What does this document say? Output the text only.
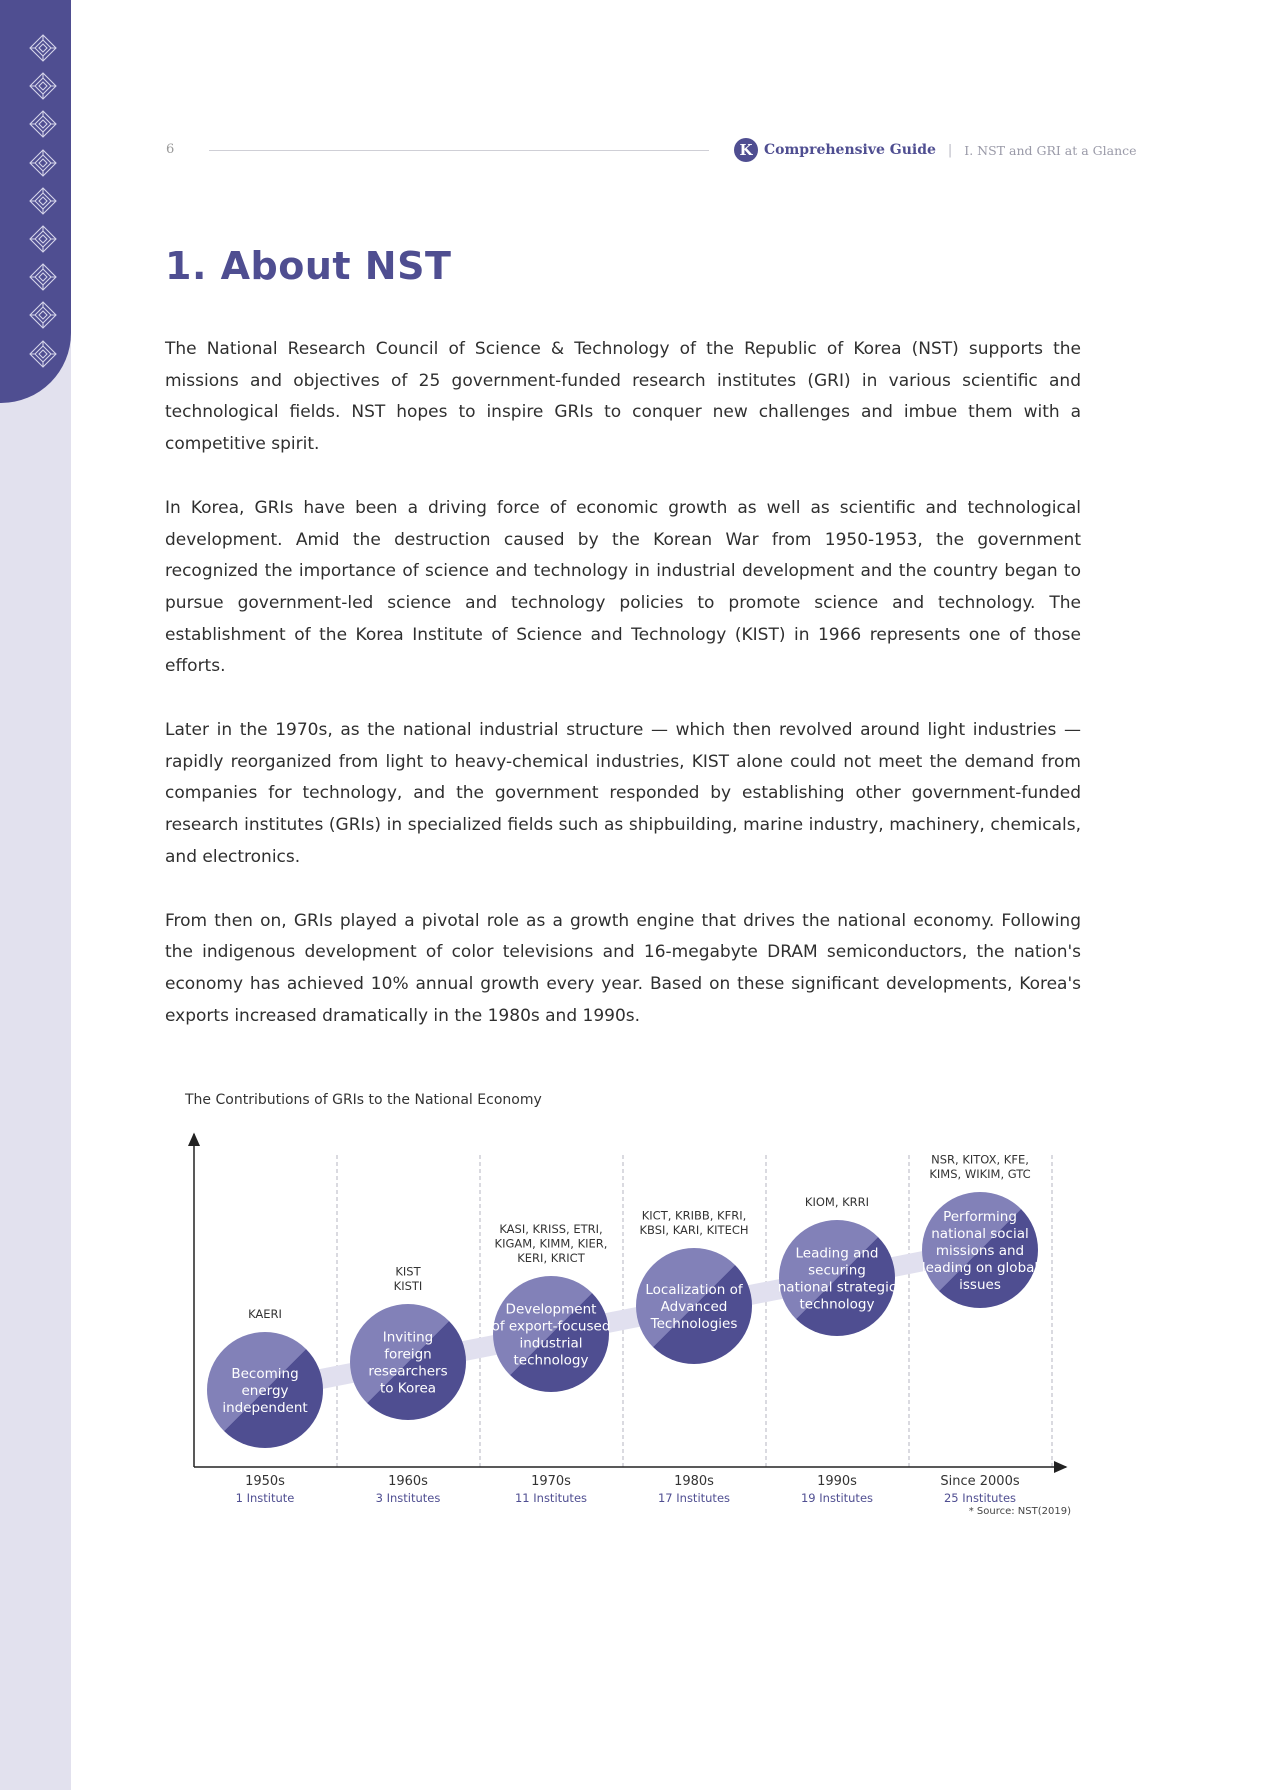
6	K Comprehensive Guide | I. NST and GRI at a Glance
1. About NST

The National Research Council of Science & Technology of the Republic of Korea (NST) supports the missions and objectives of 25 government-funded research institutes (GRI) in various scientific and technological fields. NST hopes to inspire GRIs to conquer new challenges and imbue them with a competitive spirit.

In Korea, GRIs have been a driving force of economic growth as well as scientific and technological development. Amid the destruction caused by the Korean War from 1950-1953, the government recognized the importance of science and technology in industrial development and the country began to pursue government-led science and technology policies to promote science and technology. The establishment of the Korea Institute of Science and Technology (KIST) in 1966 represents one of those efforts.

Later in the 1970s, as the national industrial structure — which then revolved around light industries — rapidly reorganized from light to heavy-chemical industries, KIST alone could not meet the demand from companies for technology, and the government responded by establishing other government-funded research institutes (GRIs) in specialized fields such as shipbuilding, marine industry, machinery, chemicals, and electronics.

From then on, GRIs played a pivotal role as a growth engine that drives the national economy. Following the indigenous development of color televisions and 16-megabyte DRAM semiconductors, the nation's economy has achieved 10% annual growth every year. Based on these significant developments, Korea's exports increased dramatically in the 1980s and 1990s.

The Contributions of GRIs to the National Economy
Becoming
energy
independent
KAERI
1950s
1 Institute
Inviting
foreign
researchers
to Korea
KIST
KISTI
1960s
3 Institutes
Development
of export-focused
industrial
technology
KASI, KRISS, ETRI,
KIGAM, KIMM, KIER,
KERI, KRICT
1970s
11 Institutes
Localization of
Advanced
Technologies
KICT, KRIBB, KFRI,
KBSI, KARI, KITECH
1980s
17 Institutes
Leading and
securing
national strategic
technology
KIOM, KRRI
1990s
19 Institutes
Performing
national social
missions and
leading on global
issues
NSR, KITOX, KFE,
KIMS, WIKIM, GTC
Since 2000s
25 Institutes
* Source: NST(2019)
